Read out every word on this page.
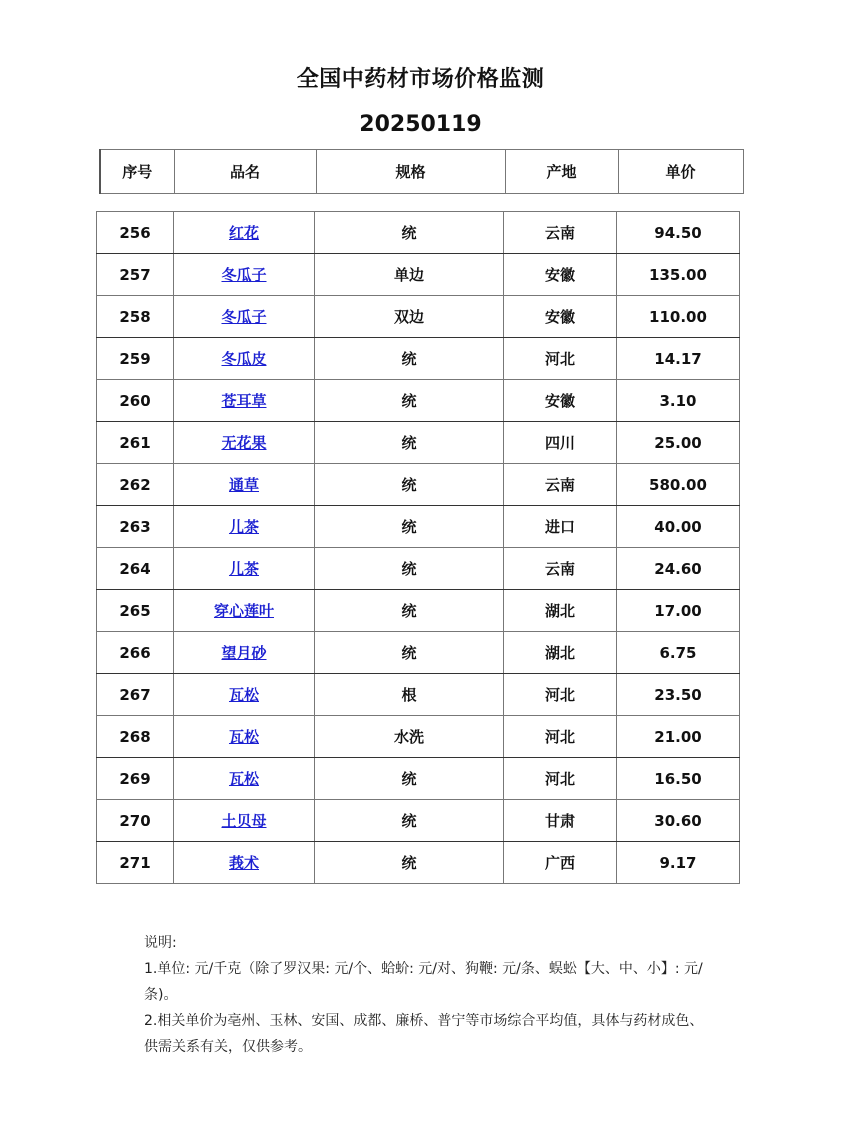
全国中药材市场价格监测
20250119
序号	品名	规格	产地	单价
256	红花	统	云南	94.50
257	冬瓜子	单边	安徽	135.00
258	冬瓜子	双边	安徽	110.00
259	冬瓜皮	统	河北	14.17
260	苍耳草	统	安徽	3.10
261	无花果	统	四川	25.00
262	通草	统	云南	580.00
263	儿茶	统	进口	40.00
264	儿茶	统	云南	24.60
265	穿心莲叶	统	湖北	17.00
266	望月砂	统	湖北	6.75
267	瓦松	根	河北	23.50
268	瓦松	水洗	河北	21.00
269	瓦松	统	河北	16.50
270	土贝母	统	甘肃	30.60
271	莪术	统	广西	9.17

说明:

1.单位: 元/千克（除了罗汉果: 元/个、蛤蚧: 元/对、狗鞭: 元/条、蜈蚣【大、中、小】: 元/条)。

2.相关单价为亳州、玉林、安国、成都、廉桥、普宁等市场综合平均值，具体与药材成色、供需关系有关，仅供参考。
